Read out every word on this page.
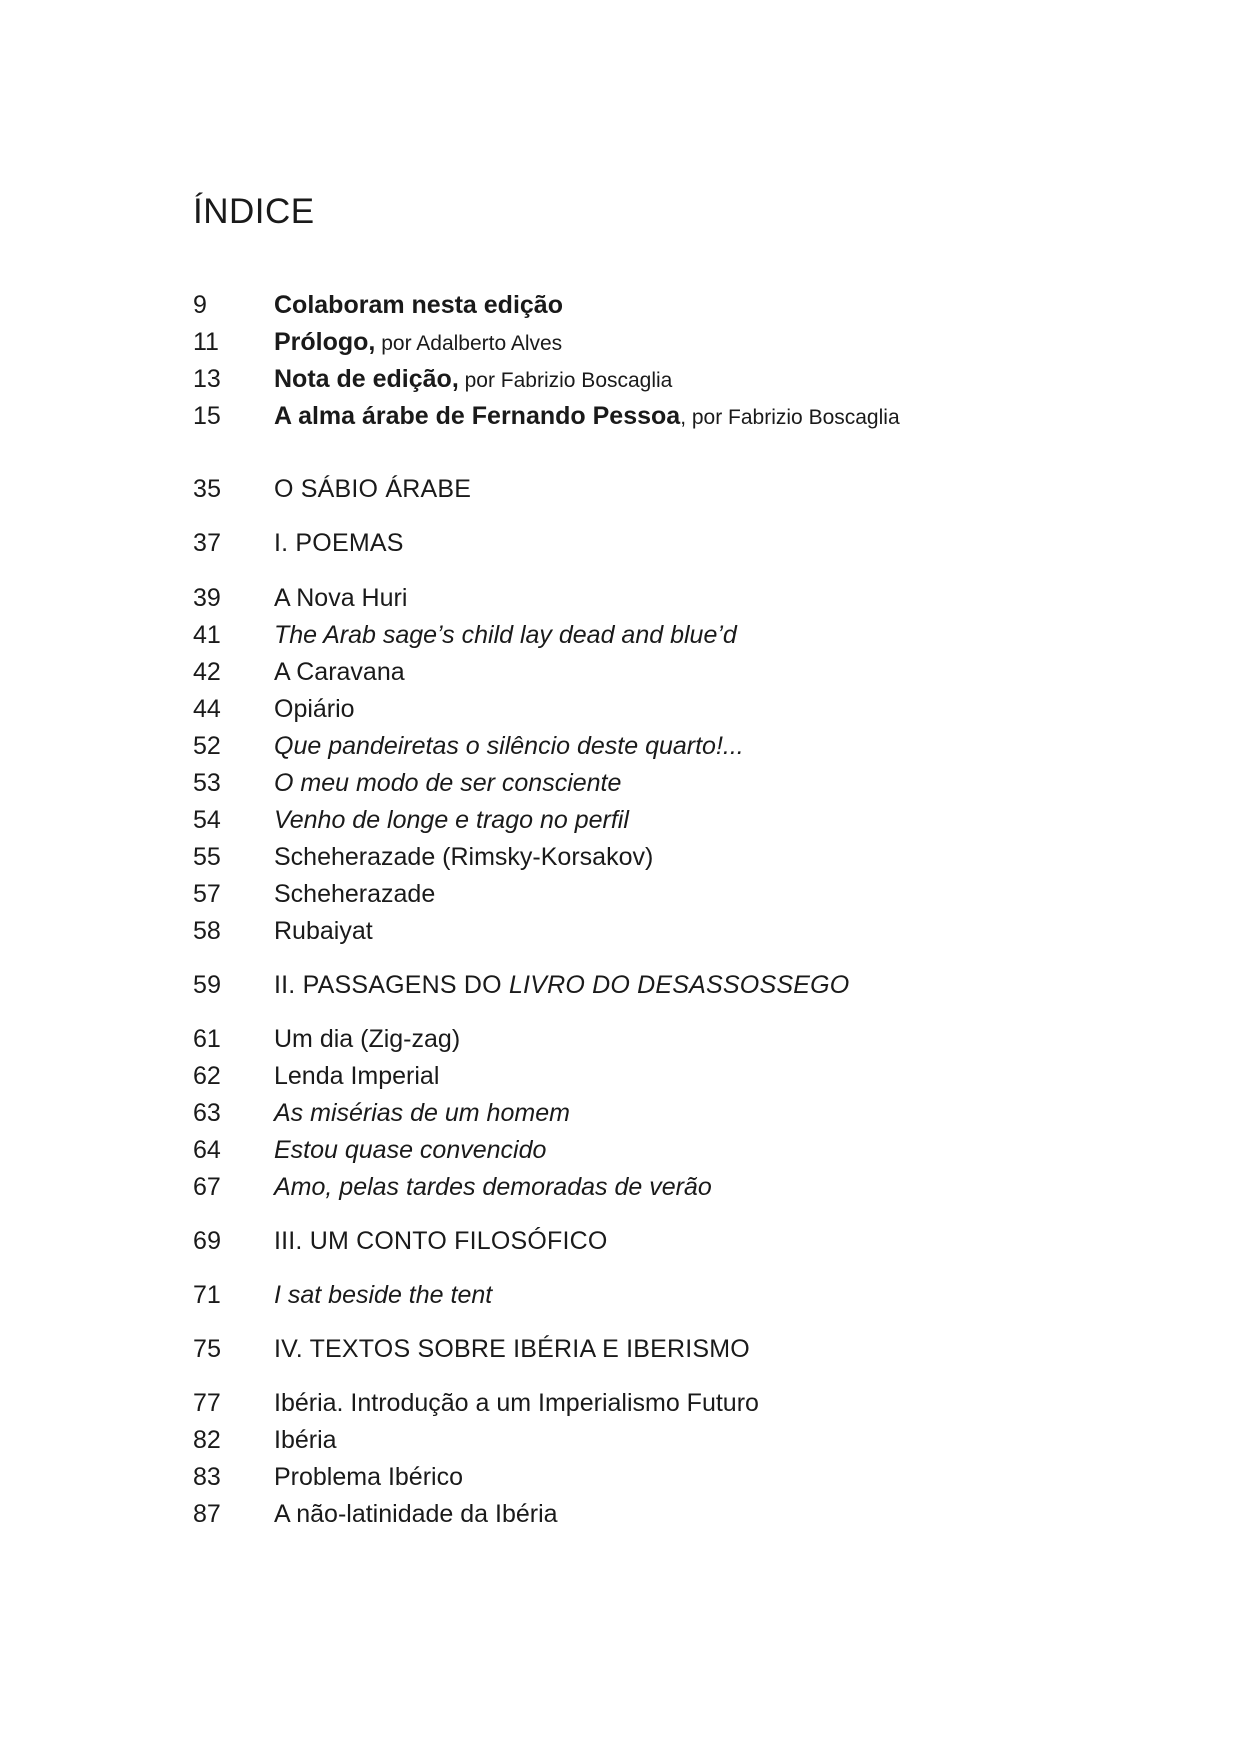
ÍNDICE
9	Colaboram nesta edição
11 Prólogo, por Adalberto Alves
13 Nota de edição, por Fabrizio Boscaglia
15 A alma árabe de Fernando Pessoa, por Fabrizio Boscaglia
35 O SÁBIO ÁRABE
37 I. POEMAS
39 A Nova Huri
41 The Arab sage’s child lay dead and blue’d
42 A Caravana
44 Opiário
52 Que pandeiretas o silêncio deste quarto!...
53 O meu modo de ser consciente
54 Venho de longe e trago no perfil
55 Scheherazade (Rimsky-Korsakov)
57 Scheherazade
58 Rubaiyat
59 II. PASSAGENS DO LIVRO DO DESASSOSSEGO
61 Um dia (Zig-zag)
62 Lenda Imperial
63 As misérias de um homem
64 Estou quase convencido
67 Amo, pelas tardes demoradas de verão
69 III. UM CONTO FILOSÓFICO
71 I sat beside the tent
75 IV. TEXTOS SOBRE IBÉRIA E IBERISMO
77 Ibéria. Introdução a um Imperialismo Futuro
82 Ibéria
83 Problema Ibérico
87 A não-latinidade da Ibéria
